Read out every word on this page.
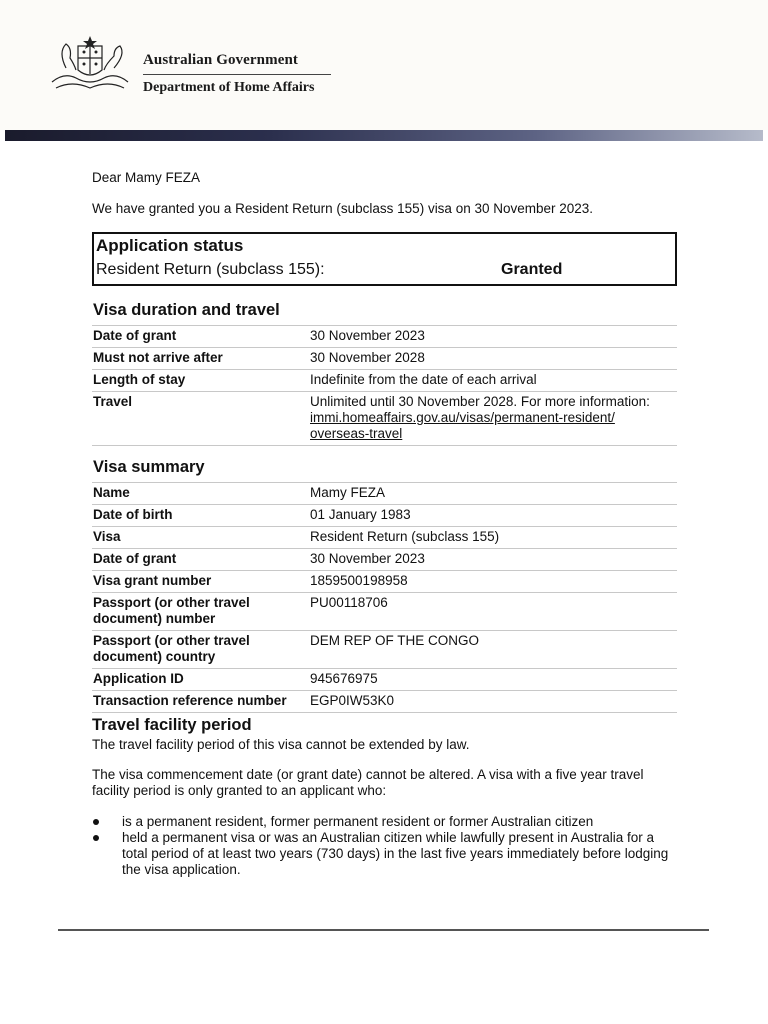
Australian Government
Department of Home Affairs
Dear Mamy FEZA
We have granted you a Resident Return (subclass 155) visa on 30 November 2023.
Application status
Resident Return (subclass 155):	Granted
Visa duration and travel
Date of grant	30 November 2023
Must not arrive after	30 November 2028
Length of stay	Indefinite from the date of each arrival
Travel	Unlimited until 30 November 2028. For more information:
immi.homeaffairs.gov.au/visas/permanent-resident/
overseas-travel
Visa summary
Name	Mamy FEZA
Date of birth	01 January 1983
Visa	Resident Return (subclass 155)
Date of grant	30 November 2023
Visa grant number	1859500198958
Passport (or other travel document) number	PU00118706
Passport (or other travel document) country	DEM REP OF THE CONGO
Application ID	945676975
Transaction reference number	EGP0IW53K0
Travel facility period
The travel facility period of this visa cannot be extended by law.
The visa commencement date (or grant date) cannot be altered. A visa with a five year travel facility period is only granted to an applicant who:
is a permanent resident, former permanent resident or former Australian citizen
held a permanent visa or was an Australian citizen while lawfully present in Australia for a total period of at least two years (730 days) in the last five years immediately before lodging the visa application.
